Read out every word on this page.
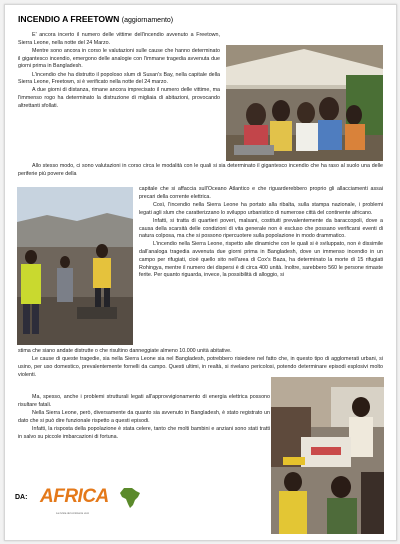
INCENDIO A FREETOWN (aggiornamento)

E' ancora incerto il numero delle vittime dell'incendio avvenuto a Freetown, Sierra Leone, nella notte del 24 Marzo.

Mentre sono ancora in corso le valutazioni sulle cause che hanno determinato il gigantesco incendio, emergono delle analogie con l'immane tragedia avvenuta due giorni prima in Bangladesh.

L'incendio che ha distrutto il popoloso slum di Susan's Bay, nella capitale della Sierra Leone, Freetown, si è verificato nella notte del 24 marzo.

A due giorni di distanza, rimane ancora imprecisato il numero delle vittime, ma l'immenso rogo ha determinato la distruzione di migliaia di abitazioni, provocando altrettanti sfollati.

Allo stesso modo, ci sono valutazioni in corso circa le modalità con le quali si sia determinato il gigantesco incendio che ha raso al suolo una delle periferie più povere della

capitale che si affaccia sull'Oceano Atlantico e che riguarderebbero proprio gli allacciamenti assai precari della corrente elettrica.

Così, l'incendio nella Sierra Leone ha portato alla ribalta, sulla stampa nazionale, i problemi legati agli slum che caratterizzano lo sviluppo urbanistico di numerose città del continente africano.

Infatti, si tratta di quartieri poveri, malsani, costituiti prevalentemente da baraccopoli, dove a causa della scarsità delle condizioni di vita generale non è escluso che possano verificarsi eventi di natura colposa, ma che si possono ripercuotere sulla popolazione in modo drammatico.

L'incendio nella Sierra Leone, rispetto alle dinamiche con le quali si è sviluppato, non è dissimile dall'analoga tragedia avvenuta due giorni prima in Bangladesh, dove un immenso incendio in un campo per rifugiati, cioè quello sito nell'area di Cox's Baza, ha determinato la morte di 15 rifugiati Rohingya, mentre il numero dei dispersi è di circa 400 unità. Inoltre, sarebbero 560 le persone rimaste ferite. Per quanto riguarda, invece, la possibilità di alloggio, si

stima che siano andate distrutte o che risultino danneggiate almeno 10.000 unità abitative.

Le cause di queste tragedie, sia nella Sierra Leone sia nel Bangladesh, potrebbero risiedere nel fatto che, in questo tipo di agglomerati urbani, si usino, per uso domestico, prevalentemente fornelli da campo. Questi ultimi, in realtà, si rivelano pericolosi, potendo determinare episodi esplosivi molto violenti.

Ma, spesso, anche i problemi strutturali legati all'approvvigionamento di energia elettrica possono risultare fatali.

Nella Sierra Leone, però, diversamente da quanto sia avvenuto in Bangladesh, è stato registrato un dato che si può dire funzionale rispetto a questi episodi.

Infatti, la risposta della popolazione è stata celere, tanto che molti bambini e anziani sono stati tratti in salvo su piccole imbarcazioni di fortuna.

DA: AFRICA
La rivista del continente vero
